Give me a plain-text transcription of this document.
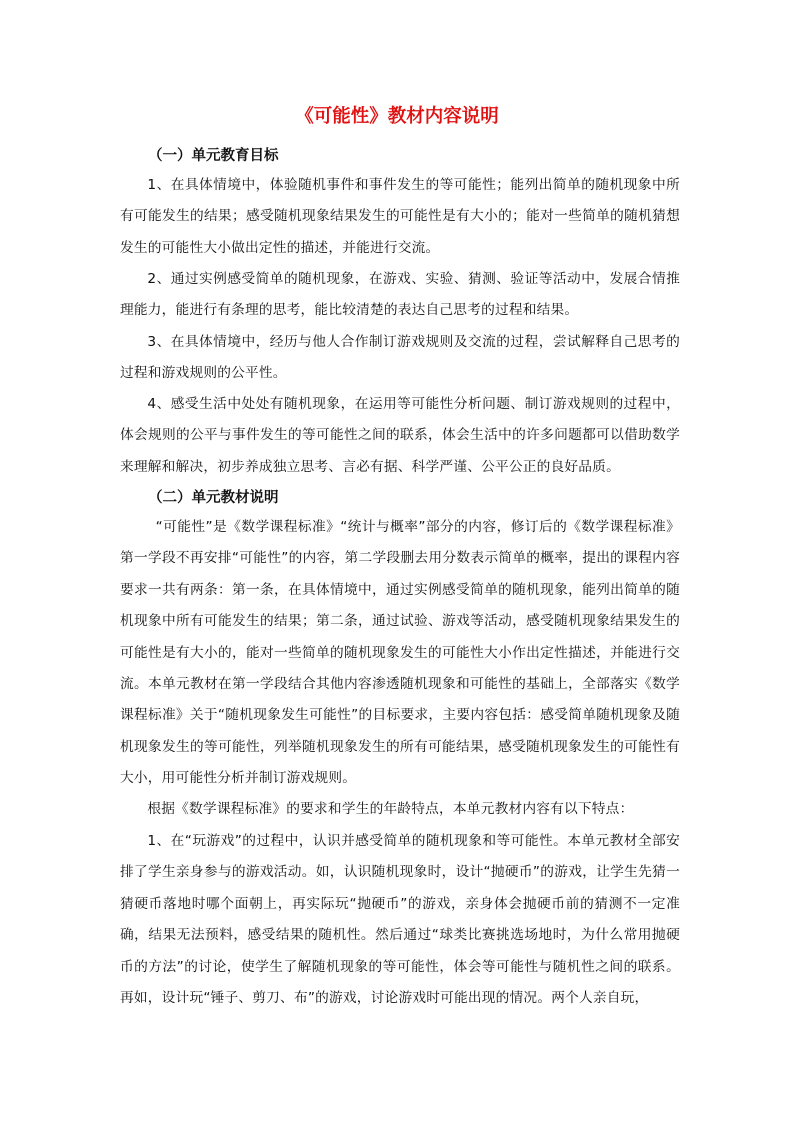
《可能性》教材内容说明
（一）单元教育目标

1、在具体情境中，体验随机事件和事件发生的等可能性；能列出简单的随机现象中所有可能发生的结果；感受随机现象结果发生的可能性是有大小的；能对一些简单的随机猜想发生的可能性大小做出定性的描述，并能进行交流。

2、通过实例感受简单的随机现象，在游戏、实验、猜测、验证等活动中，发展合情推理能力，能进行有条理的思考，能比较清楚的表达自己思考的过程和结果。

3、在具体情境中，经历与他人合作制订游戏规则及交流的过程，尝试解释自己思考的过程和游戏规则的公平性。

4、感受生活中处处有随机现象，在运用等可能性分析问题、制订游戏规则的过程中，体会规则的公平与事件发生的等可能性之间的联系，体会生活中的许多问题都可以借助数学来理解和解决，初步养成独立思考、言必有据、科学严谨、公平公正的良好品质。

（二）单元教材说明

“可能性”是《数学课程标准》“统计与概率”部分的内容，修订后的《数学课程标准》第一学段不再安排“可能性”的内容，第二学段删去用分数表示简单的概率，提出的课程内容要求一共有两条：第一条，在具体情境中，通过实例感受简单的随机现象，能列出简单的随机现象中所有可能发生的结果；第二条，通过试验、游戏等活动，感受随机现象结果发生的可能性是有大小的，能对一些简单的随机现象发生的可能性大小作出定性描述，并能进行交流。本单元教材在第一学段结合其他内容渗透随机现象和可能性的基础上，全部落实《数学课程标准》关于“随机现象发生可能性”的目标要求，主要内容包括：感受简单随机现象及随机现象发生的等可能性，列举随机现象发生的所有可能结果，感受随机现象发生的可能性有大小，用可能性分析并制订游戏规则。

根据《数学课程标准》的要求和学生的年龄特点，本单元教材内容有以下特点：

1、在“玩游戏”的过程中，认识并感受简单的随机现象和等可能性。本单元教材全部安排了学生亲身参与的游戏活动。如，认识随机现象时，设计“抛硬币”的游戏，让学生先猜一猜硬币落地时哪个面朝上，再实际玩“抛硬币”的游戏，亲身体会抛硬币前的猜测不一定准确，结果无法预料，感受结果的随机性。然后通过“球类比赛挑选场地时，为什么常用抛硬币的方法”的讨论，使学生了解随机现象的等可能性，体会等可能性与随机性之间的联系。再如，设计玩“锤子、剪刀、布”的游戏，讨论游戏时可能出现的情况。两个人亲自玩，
